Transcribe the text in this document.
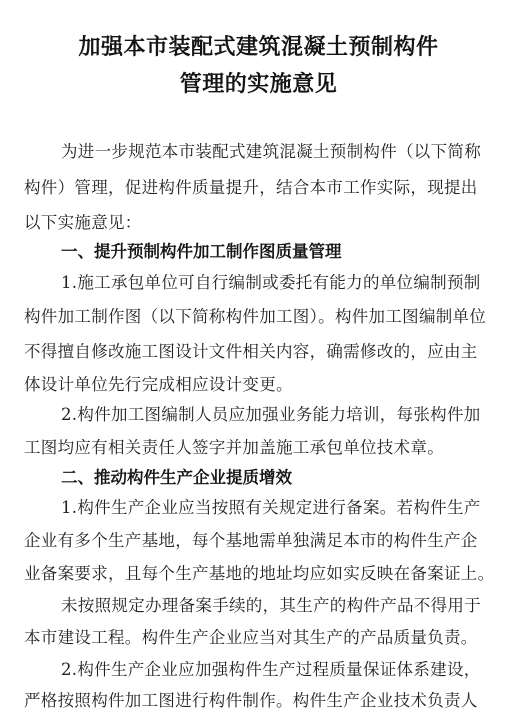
加强本市装配式建筑混凝土预制构件
管理的实施意见
为进一步规范本市装配式建筑混凝土预制构件（以下简称
构件）管理，促进构件质量提升，结合本市工作实际，现提出
以下实施意见：
一、提升预制构件加工制作图质量管理
1.施工承包单位可自行编制或委托有能力的单位编制预制
构件加工制作图（以下简称构件加工图）。构件加工图编制单位
不得擅自修改施工图设计文件相关内容，确需修改的，应由主
体设计单位先行完成相应设计变更。
2.构件加工图编制人员应加强业务能力培训，每张构件加
工图均应有相关责任人签字并加盖施工承包单位技术章。
二、推动构件生产企业提质增效
1.构件生产企业应当按照有关规定进行备案。若构件生产
企业有多个生产基地，每个基地需单独满足本市的构件生产企
业备案要求，且每个生产基地的地址均应如实反映在备案证上。
未按照规定办理备案手续的，其生产的构件产品不得用于
本市建设工程。构件生产企业应当对其生产的产品质量负责。
2.构件生产企业应加强构件生产过程质量保证体系建设，
严格按照构件加工图进行构件制作。构件生产企业技术负责人
